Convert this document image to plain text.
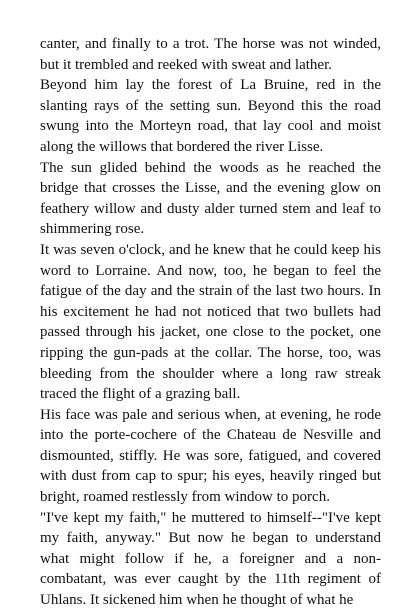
canter, and finally to a trot. The horse was not winded, but it trembled and reeked with sweat and lather.

Beyond him lay the forest of La Bruine, red in the slanting rays of the setting sun. Beyond this the road swung into the Morteyn road, that lay cool and moist along the willows that bordered the river Lisse.

The sun glided behind the woods as he reached the bridge that crosses the Lisse, and the evening glow on feathery willow and dusty alder turned stem and leaf to shimmering rose.

It was seven o'clock, and he knew that he could keep his word to Lorraine. And now, too, he began to feel the fatigue of the day and the strain of the last two hours. In his excitement he had not noticed that two bullets had passed through his jacket, one close to the pocket, one ripping the gun-pads at the collar. The horse, too, was bleeding from the shoulder where a long raw streak traced the flight of a grazing ball.

His face was pale and serious when, at evening, he rode into the porte-cochere of the Chateau de Nesville and dismounted, stiffly. He was sore, fatigued, and covered with dust from cap to spur; his eyes, heavily ringed but bright, roamed restlessly from window to porch.

"I've kept my faith," he muttered to himself--"I've kept my faith, anyway." But now he began to understand what might follow if he, a foreigner and a non-combatant, was ever caught by the 11th regiment of Uhlans. It sickened him when he thought of what he
